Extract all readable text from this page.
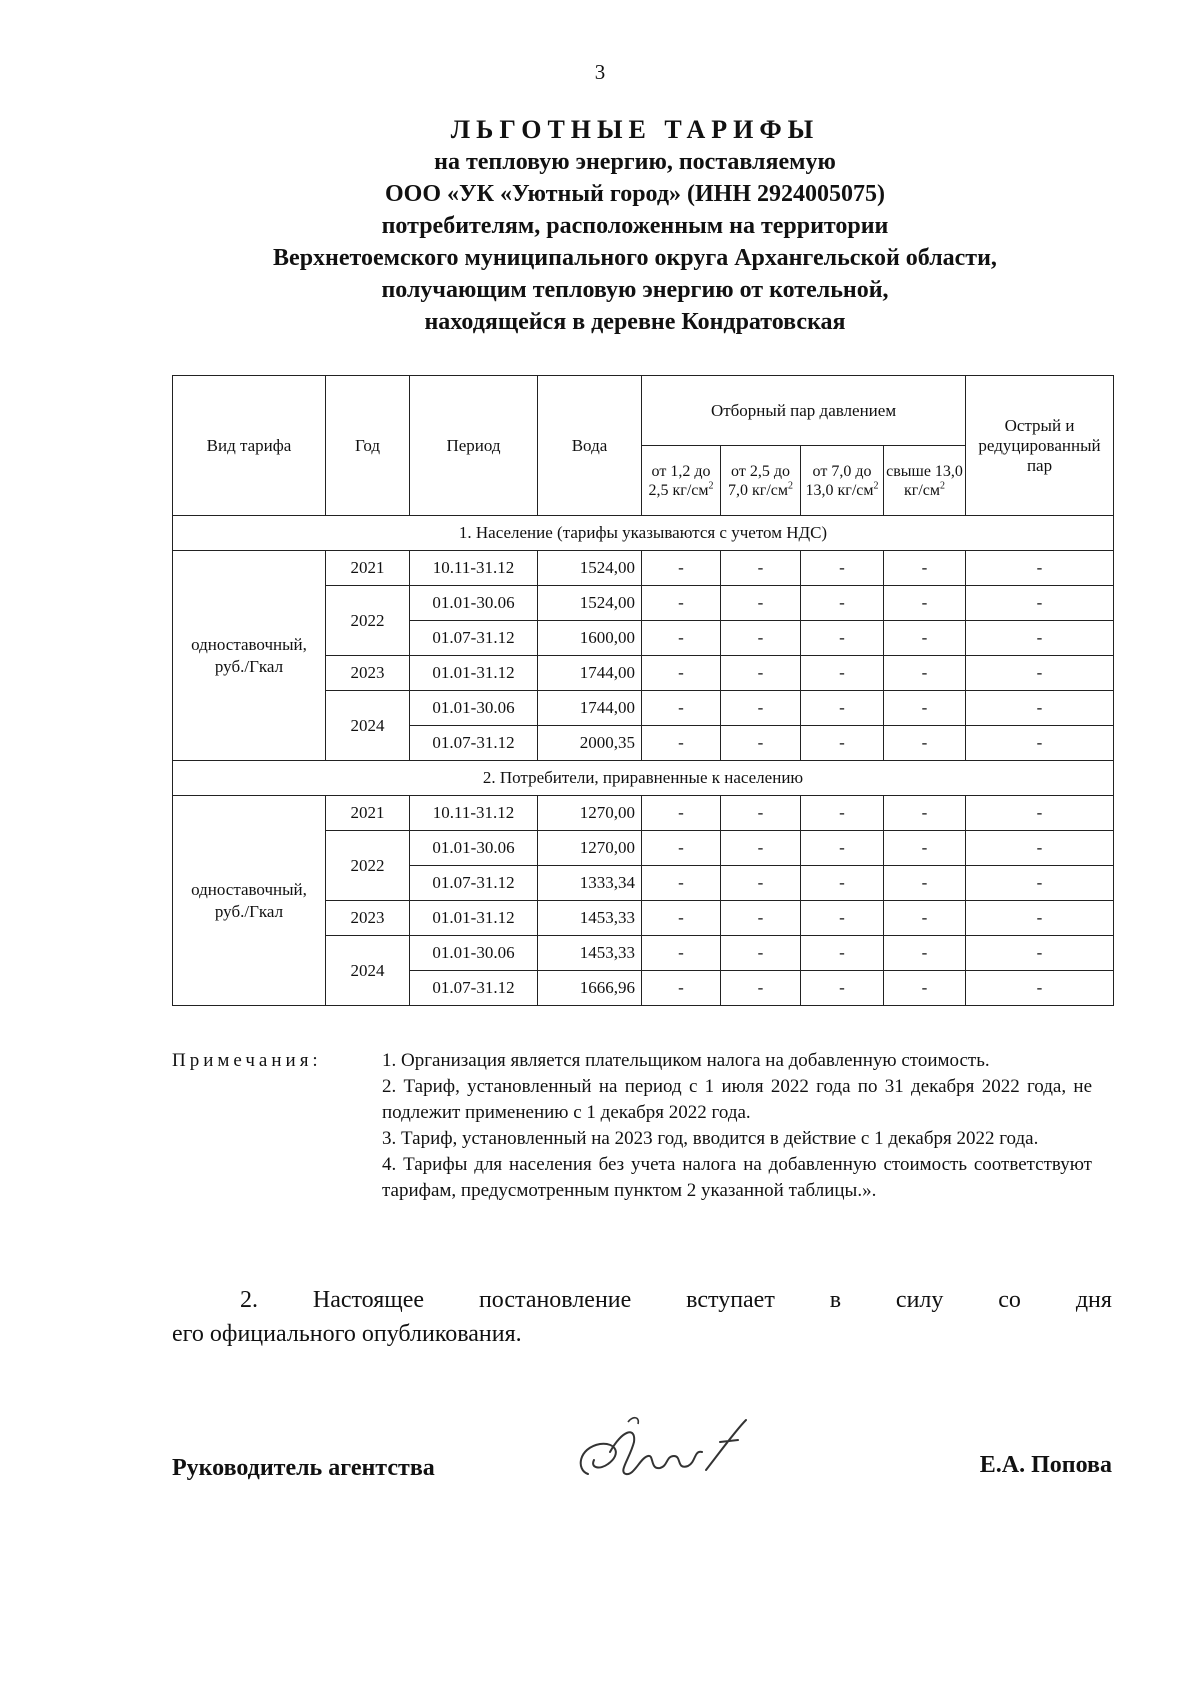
3
ЛЬГОТНЫЕ ТАРИФЫ
на тепловую энергию, поставляемую
ООО «УК «Уютный город» (ИНН 2924005075)
потребителям, расположенным на территории
Верхнетоемского муниципального округа Архангельской области,
получающим тепловую энергию от котельной,
находящейся в деревне Кондратовская
Вид тарифа	Год	Период	Вода	Отборный пар давлением				Острый и редуцированный пар
				от 1,2 до 2,5 $кг/см^2$	от 2,5 до 7,0 $кг/см^2$	от 7,0 до 13,0 $кг/см^2$	свыше 13,0 $кг/см^2$
1. Население (тарифы указываются с учетом НДС)								
одноставочный, руб./Гкал	2021	10.11-31.12	1524,00	-	-	-	-	-
	2022	01.01-30.06	1524,00	-	-	-	-	-
		01.07-31.12	1600,00	-	-	-	-	-
	2023	01.01-31.12	1744,00	-	-	-	-	-
	2024	01.01-30.06	1744,00	-	-	-	-	-
		01.07-31.12	2000,35	-	-	-	-	-
2. Потребители, приравненные к населению								
одноставочный, руб./Гкал	2021	10.11-31.12	1270,00	-	-	-	-	-
	2022	01.01-30.06	1270,00	-	-	-	-	-
		01.07-31.12	1333,34	-	-	-	-	-
	2023	01.01-31.12	1453,33	-	-	-	-	-
	2024	01.01-30.06	1453,33	-	-	-	-	-
		01.07-31.12	1666,96	-	-	-	-	-
Примечания:	1. Организация является плательщиком налога на добавленную стоимость.

2. Тариф, установленный на период с 1 июля 2022 года по 31 декабря 2022 года, не подлежит применению с 1 декабря 2022 года.

3. Тариф, установленный на 2023 год, вводится в действие с 1 декабря 2022 года.

4. Тарифы для населения без учета налога на добавленную стоимость соответствуют тарифам, предусмотренным пунктом 2 указанной таблицы.».

2. Настоящее постановление вступает в силу со дня
его официального опубликования.
Руководитель агентства	Е.А. Попова
